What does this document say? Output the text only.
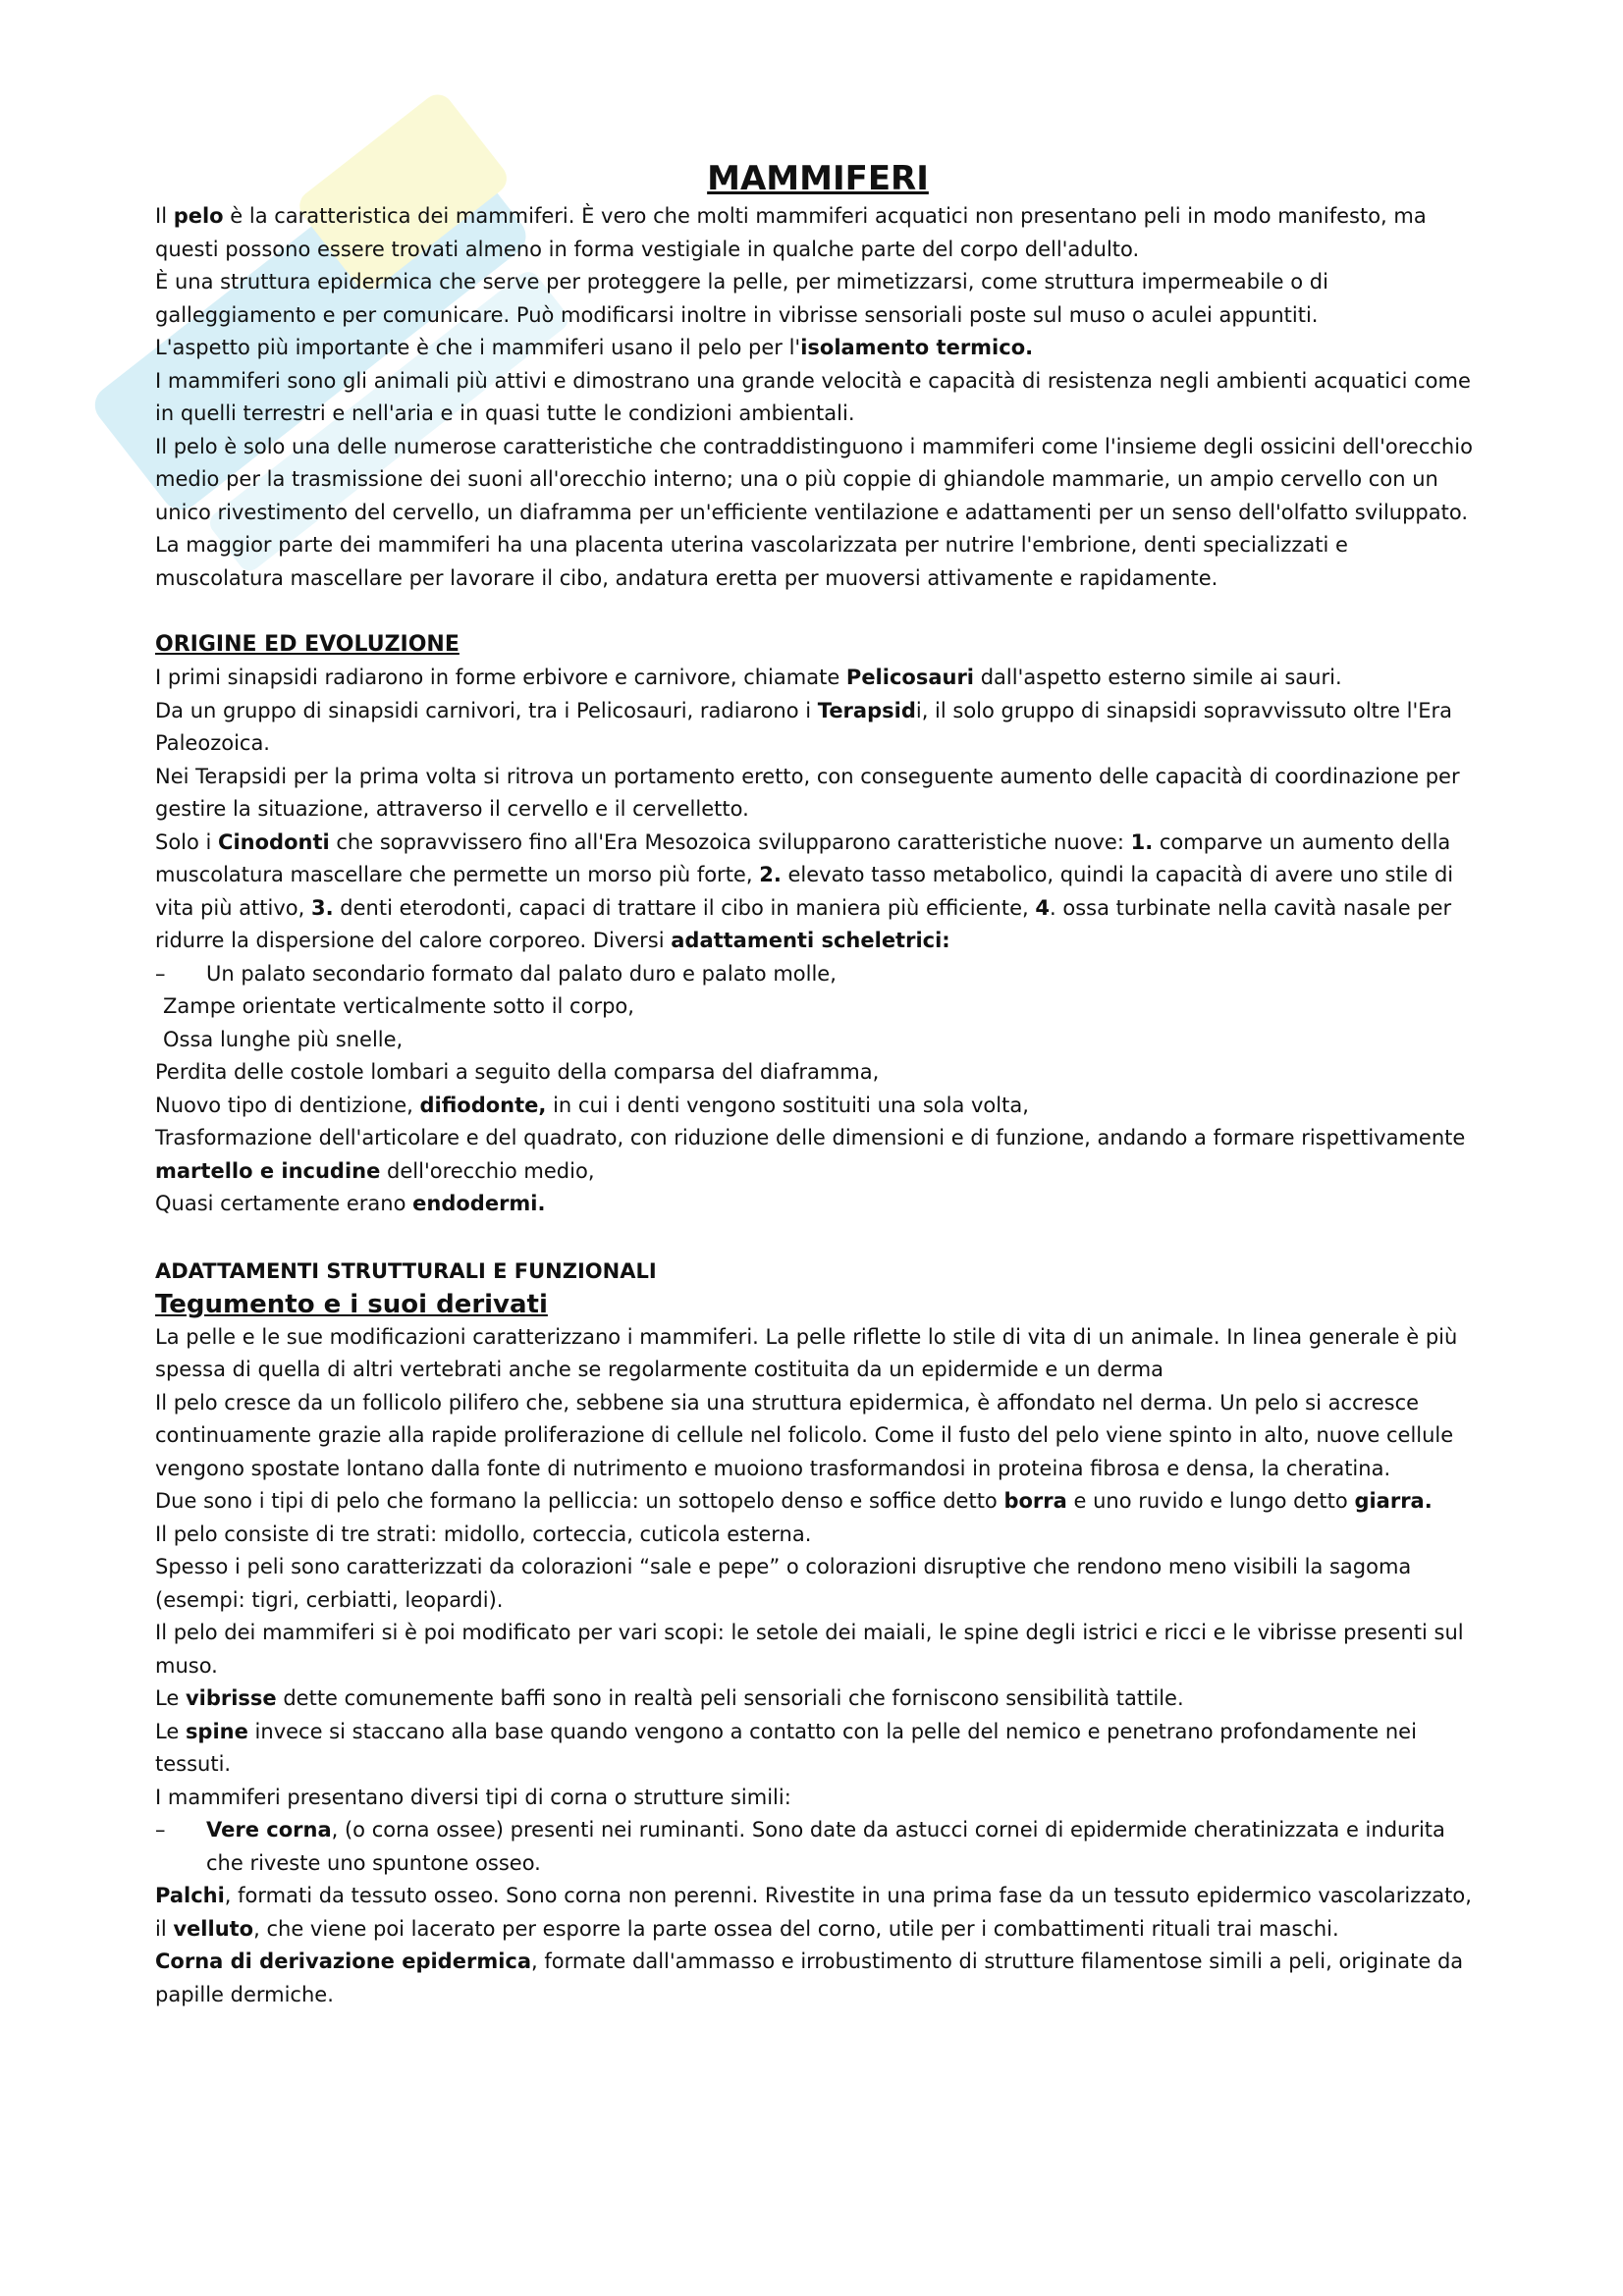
MAMMIFERI

Il pelo è la caratteristica dei mammiferi. È vero che molti mammiferi acquatici non presentano peli in modo manifesto, ma questi possono essere trovati almeno in forma vestigiale in qualche parte del corpo dell'adulto.

È una struttura epidermica che serve per proteggere la pelle, per mimetizzarsi, come struttura impermeabile o di galleggiamento e per comunicare. Può modificarsi inoltre in vibrisse sensoriali poste sul muso o aculei appuntiti.

L'aspetto più importante è che i mammiferi usano il pelo per l'isolamento termico.

I mammiferi sono gli animali più attivi e dimostrano una grande velocità e capacità di resistenza negli ambienti acquatici come in quelli terrestri e nell'aria e in quasi tutte le condizioni ambientali.

Il pelo è solo una delle numerose caratteristiche che contraddistinguono i mammiferi come l'insieme degli ossicini dell'orecchio medio per la trasmissione dei suoni all'orecchio interno; una o più coppie di ghiandole mammarie, un ampio cervello con un unico rivestimento del cervello, un diaframma per un'efficiente ventilazione e adattamenti per un senso dell'olfatto sviluppato.

La maggior parte dei mammiferi ha una placenta uterina vascolarizzata per nutrire l'embrione, denti specializzati e muscolatura mascellare per lavorare il cibo, andatura eretta per muoversi attivamente e rapidamente.

ORIGINE ED EVOLUZIONE

I primi sinapsidi radiarono in forme erbivore e carnivore, chiamate Pelicosauri dall'aspetto esterno simile ai sauri.

Da un gruppo di sinapsidi carnivori, tra i Pelicosauri, radiarono i Terapsidi, il solo gruppo di sinapsidi sopravvissuto oltre l'Era Paleozoica.

Nei Terapsidi per la prima volta si ritrova un portamento eretto, con conseguente aumento delle capacità di coordinazione per gestire la situazione, attraverso il cervello e il cervelletto.

Solo i Cinodonti che sopravvissero fino all'Era Mesozoica svilupparono caratteristiche nuove: 1. comparve un aumento della muscolatura mascellare che permette un morso più forte, 2. elevato tasso metabolico, quindi la capacità di avere uno stile di vita più attivo, 3. denti eterodonti, capaci di trattare il cibo in maniera più efficiente, 4. ossa turbinate nella cavità nasale per ridurre la dispersione del calore corporeo. Diversi adattamenti scheletrici:

– Un palato secondario formato dal palato duro e palato molle,

Zampe orientate verticalmente sotto il corpo,

Ossa lunghe più snelle,

Perdita delle costole lombari a seguito della comparsa del diaframma,

Nuovo tipo di dentizione, difiodonte, in cui i denti vengono sostituiti una sola volta,

Trasformazione dell'articolare e del quadrato, con riduzione delle dimensioni e di funzione, andando a formare rispettivamente martello e incudine dell'orecchio medio,

Quasi certamente erano endodermi.

ADATTAMENTI STRUTTURALI E FUNZIONALI
Tegumento e i suoi derivati

La pelle e le sue modificazioni caratterizzano i mammiferi. La pelle riflette lo stile di vita di un animale. In linea generale è più spessa di quella di altri vertebrati anche se regolarmente costituita da un epidermide e un derma

Il pelo cresce da un follicolo pilifero che, sebbene sia una struttura epidermica, è affondato nel derma. Un pelo si accresce continuamente grazie alla rapide proliferazione di cellule nel folicolo. Come il fusto del pelo viene spinto in alto, nuove cellule vengono spostate lontano dalla fonte di nutrimento e muoiono trasformandosi in proteina fibrosa e densa, la cheratina.

Due sono i tipi di pelo che formano la pelliccia: un sottopelo denso e soffice detto borra e uno ruvido e lungo detto giarra.

Il pelo consiste di tre strati: midollo, corteccia, cuticola esterna.

Spesso i peli sono caratterizzati da colorazioni “sale e pepe” o colorazioni disruptive che rendono meno visibili la sagoma (esempi: tigri, cerbiatti, leopardi).

Il pelo dei mammiferi si è poi modificato per vari scopi: le setole dei maiali, le spine degli istrici e ricci e le vibrisse presenti sul muso.

Le vibrisse dette comunemente baffi sono in realtà peli sensoriali che forniscono sensibilità tattile.

Le spine invece si staccano alla base quando vengono a contatto con la pelle del nemico e penetrano profondamente nei tessuti.

I mammiferi presentano diversi tipi di corna o strutture simili:

– Vere corna, (o corna ossee) presenti nei ruminanti. Sono date da astucci cornei di epidermide cheratinizzata e indurita che riveste uno spuntone osseo.

Palchi, formati da tessuto osseo. Sono corna non perenni. Rivestite in una prima fase da un tessuto epidermico vascolarizzato, il velluto, che viene poi lacerato per esporre la parte ossea del corno, utile per i combattimenti rituali trai maschi.

Corna di derivazione epidermica, formate dall'ammasso e irrobustimento di strutture filamentose simili a peli, originate da papille dermiche.
